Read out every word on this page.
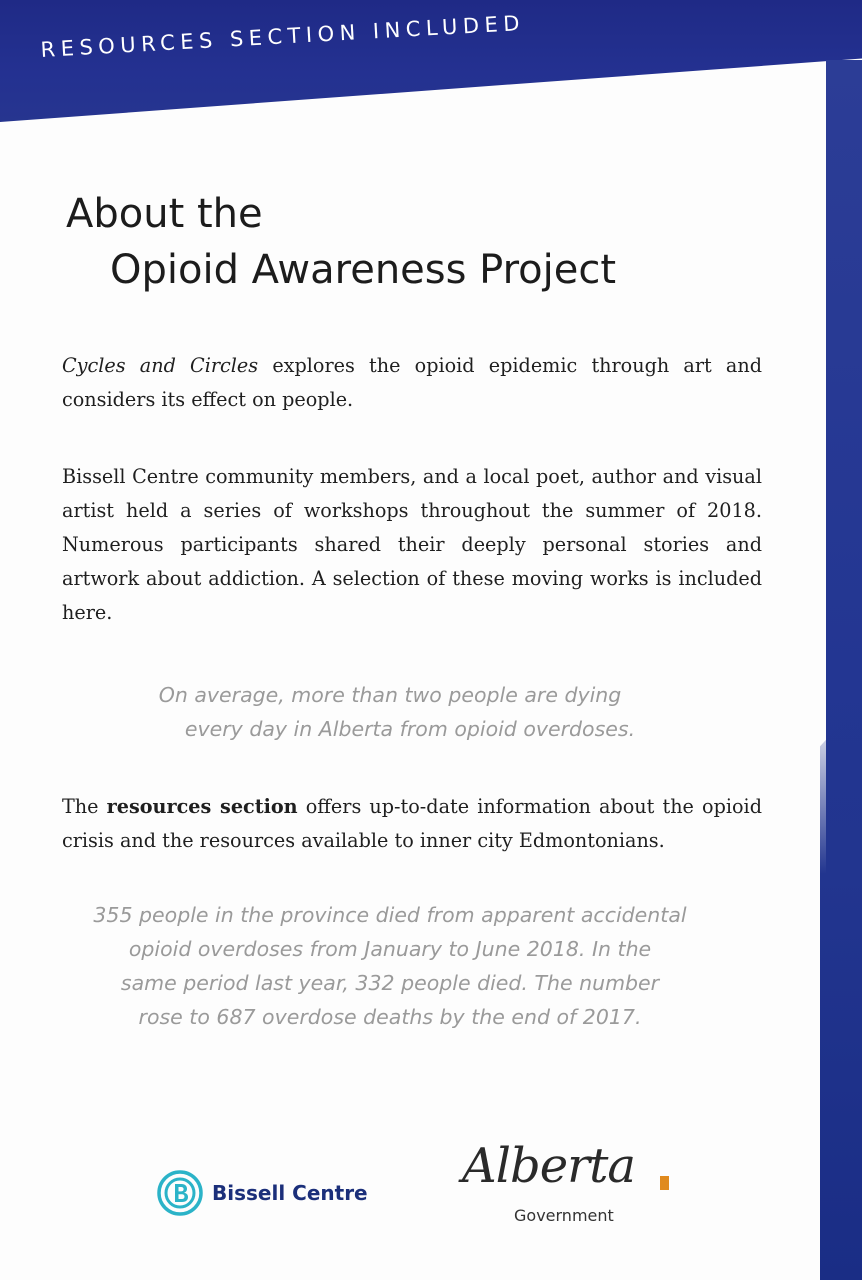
RESOURCES SECTION INCLUDED
About the
Opioid Awareness Project

Cycles and Circles explores the opioid epidemic through art and considers its effect on people.

Bissell Centre community members, and a local poet, author and visual artist held a series of workshops throughout the summer of 2018. Numerous participants shared their deeply personal stories and artwork about addiction. A selection of these moving works is included here.

On average, more than two people are dying
every day in Alberta from opioid overdoses.

The resources section offers up-to-date information about the opioid crisis and the resources available to inner city Edmontonians.

355 people in the province died from apparent accidental
opioid overdoses from January to June 2018. In the
same period last year, 332 people died. The number
rose to 687 overdose deaths by the end of 2017.

Bissell Centre Alberta
Government
